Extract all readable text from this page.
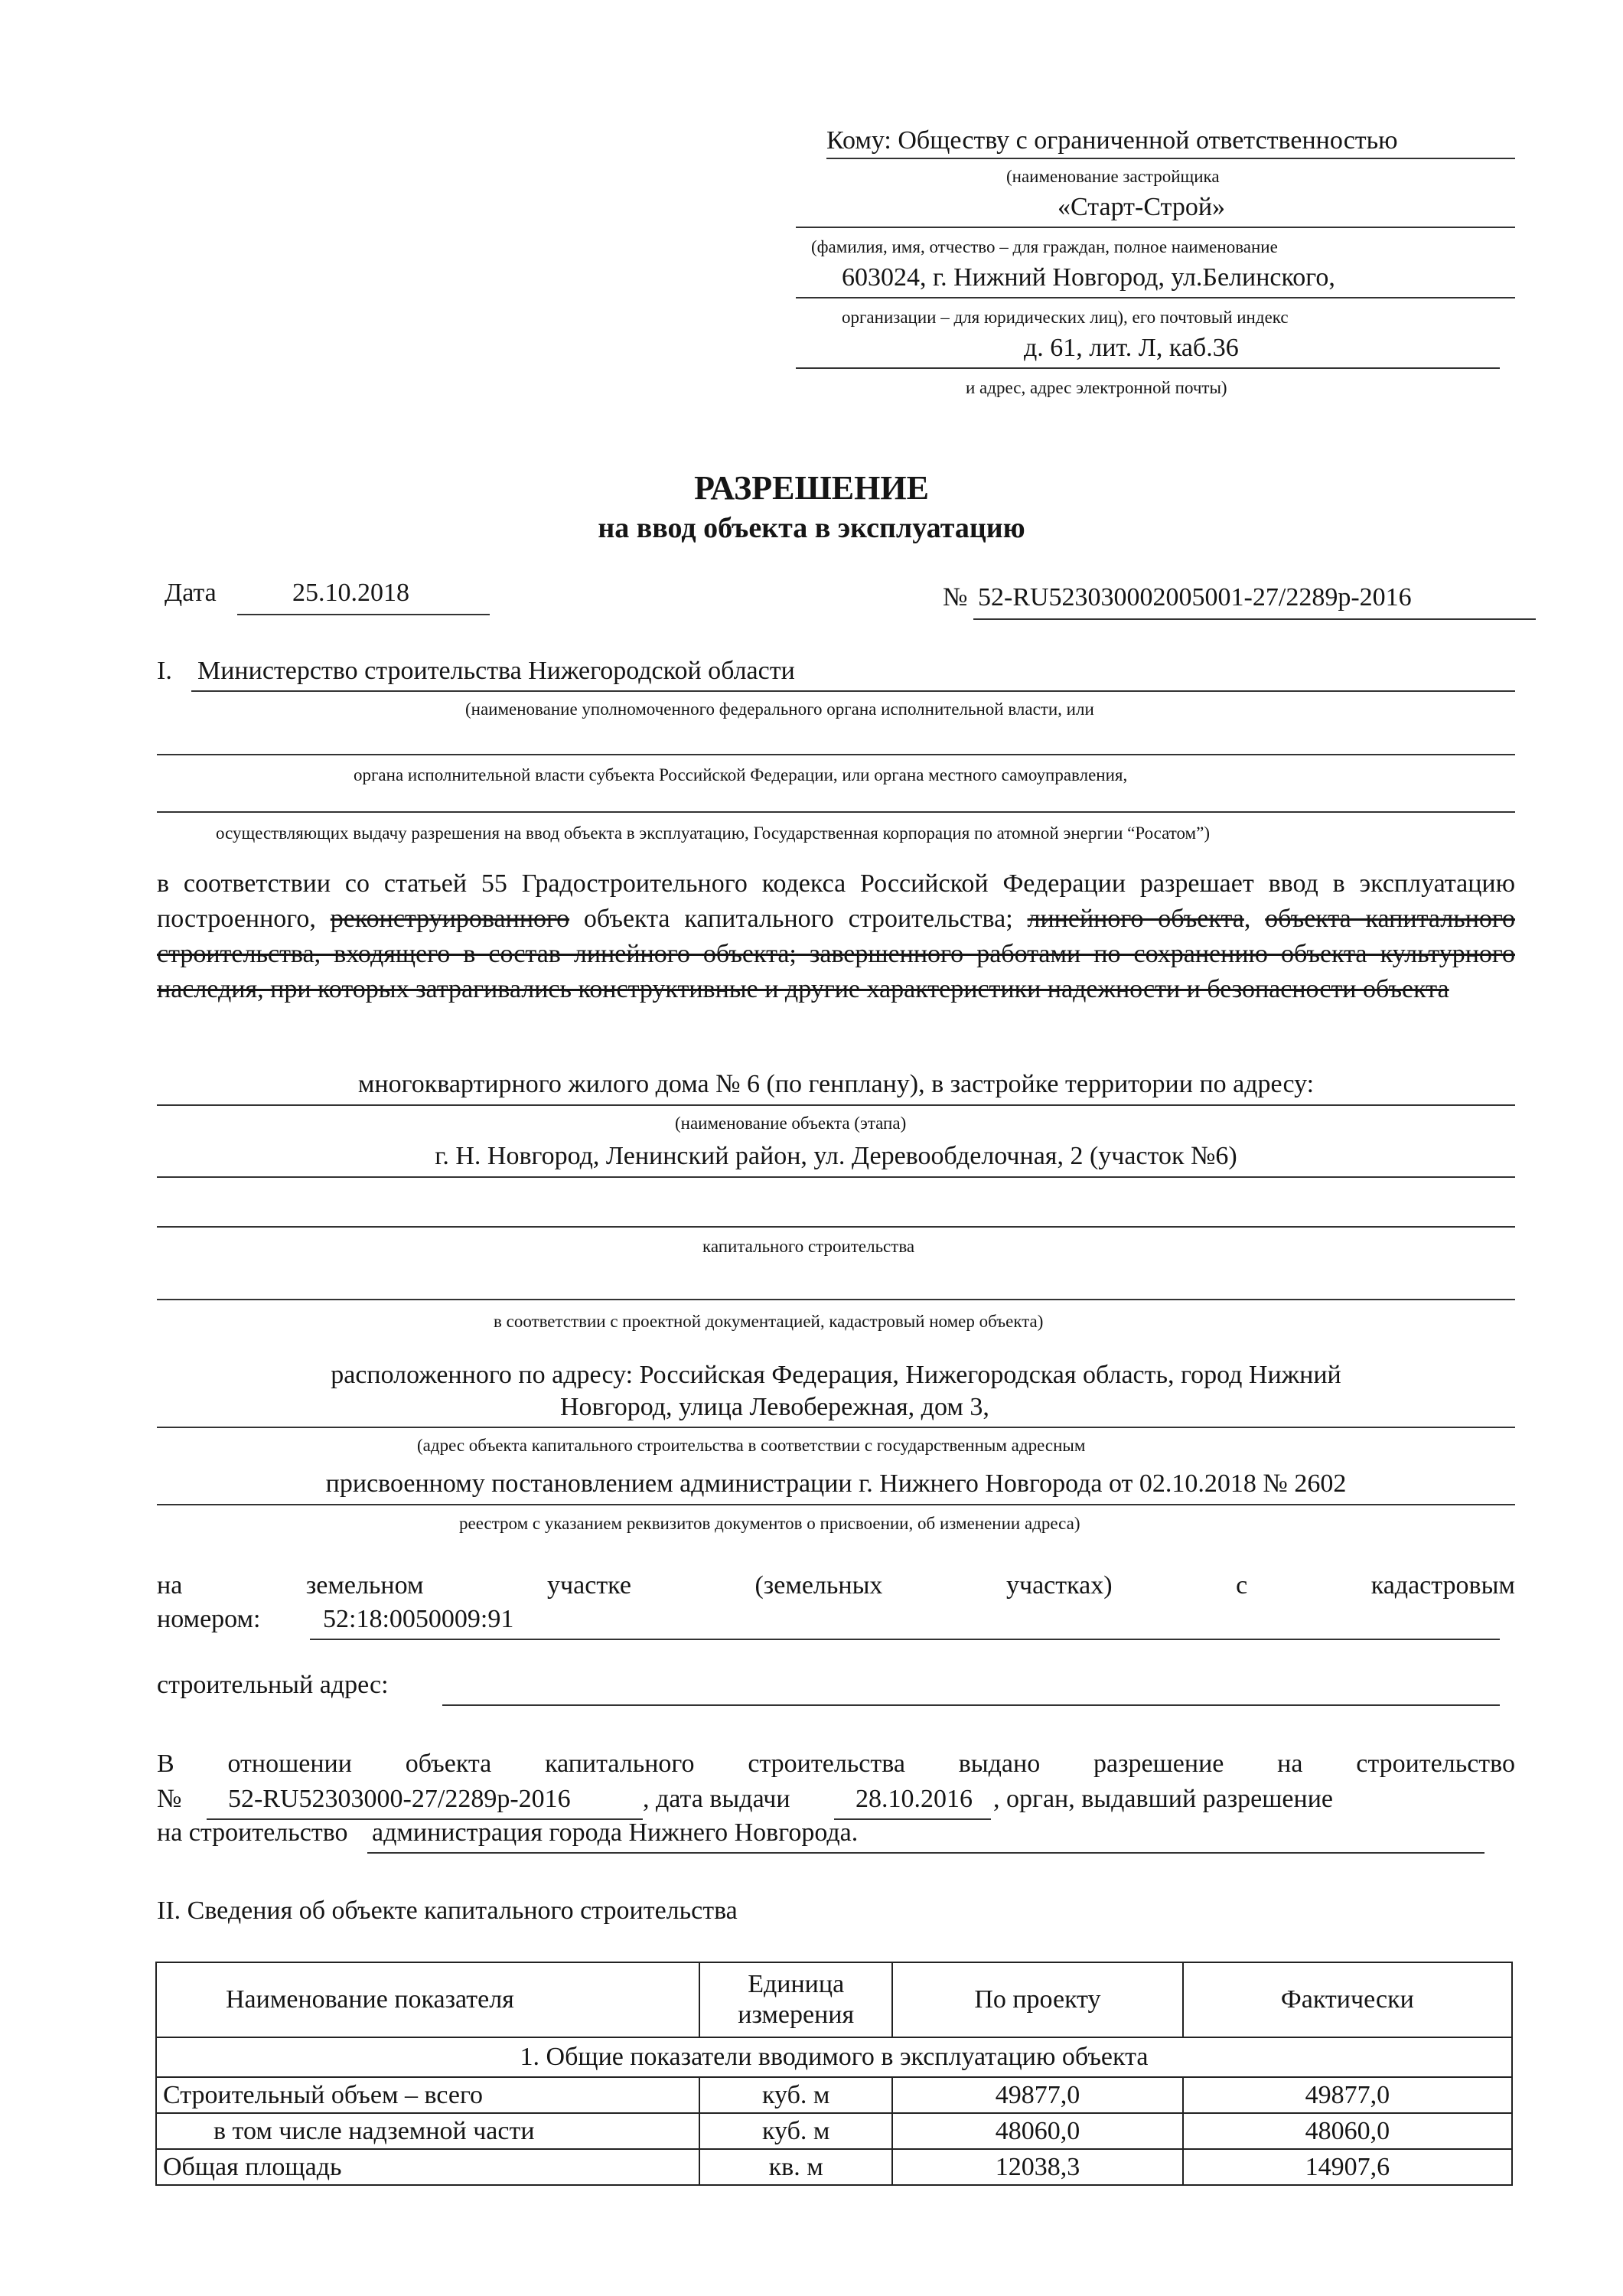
Кому: Обществу с ограниченной ответственностью
(наименование застройщика
«Старт-Строй»
(фамилия, имя, отчество – для граждан, полное наименование
603024, г. Нижний Новгород, ул.Белинского,
организации – для юридических лиц), его почтовый индекс
д. 61, лит. Л, каб.36
и адрес, адрес электронной почты)
РАЗРЕШЕНИЕ
на ввод объекта в эксплуатацию
Дата	25.10.2018	№ 52-RU523030002005001-27/2289р-2016
I. Министерство строительства Нижегородской области
(наименование уполномоченного федерального органа исполнительной власти, или
органа исполнительной власти субъекта Российской Федерации, или органа местного самоуправления,
осуществляющих выдачу разрешения на ввод объекта в эксплуатацию, Государственная корпорация по атомной энергии “Росатом”)
в соответствии со статьей 55 Градостроительного кодекса Российской Федерации разрешает ввод в эксплуатацию построенного, реконструированного объекта капитального строительства; линейного объекта, объекта капитального строительства, входящего в состав линейного объекта; завершенного работами по сохранению объекта культурного наследия, при которых затрагивались конструктивные и другие характеристики надежности и безопасности объекта
многоквартирного жилого дома № 6 (по генплану), в застройке территории по адресу:
(наименование объекта (этапа)
г. Н. Новгород, Ленинский район, ул. Деревообделочная, 2 (участок №6)
капитального строительства
в соответствии с проектной документацией, кадастровый номер объекта)
расположенного по адресу: Российская Федерация, Нижегородская область, город Нижний
Новгород, улица Левобережная, дом 3,
(адрес объекта капитального строительства в соответствии с государственным адресным
присвоенному постановлением администрации г. Нижнего Новгорода от 02.10.2018 № 2602
реестром с указанием реквизитов документов о присвоении, об изменении адреса)
на	земельном	участке	(земельных	участках)	с	кадастровым
номером: 52:18:0050009:91
строительный адрес:
В отношении объекта капитального строительства выдано разрешение на строительство
№ 52-RU52303000-27/2289р-2016	, дата выдачи	28.10.2016 , орган, выдавший разрешение
на строительство администрация города Нижнего Новгорода.
II. Сведения об объекте капитального строительства
Наименование показателя	Единица измерения	По проекту	Фактически
1. Общие показатели вводимого в эксплуатацию объекта			
Строительный объем – всего	куб. м	49877,0	49877,0
в том числе надземной части	куб. м	48060,0	48060,0
Общая площадь	кв. м	12038,3	14907,6
